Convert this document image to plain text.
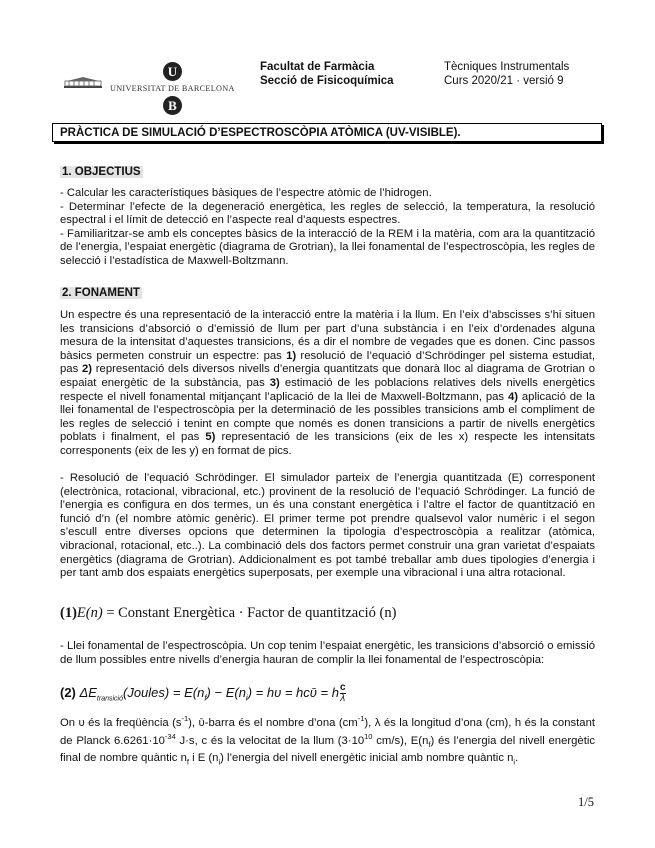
U
UNIVERSITAT DE BARCELONA
B
Facultat de Farmàcia
Secció de Fisicoquímica
Tècniques Instrumentals
Curs 2020/21 · versió 9
PRÀCTICA DE SIMULACIÓ D’ESPECTROSCÒPIA ATÒMICA (UV-VISIBLE).
1. OBJECTIUS

- Calcular les característiques bàsiques de l’espectre atòmic de l’hidrogen.

- Determinar l’efecte de la degeneració energètica, les regles de selecció, la temperatura, la resolució espectral i el límit de detecció en l’aspecte real d’aquests espectres.

- Familiaritzar-se amb els conceptes bàsics de la interacció de la REM i la matèria, com ara la quantització de l’energia, l’espaiat energètic (diagrama de Grotrian), la llei fonamental de l’espectroscòpia, les regles de selecció i l’estadística de Maxwell-Boltzmann.

2. FONAMENT

Un espectre és una representació de la interacció entre la matèria i la llum. En l’eix d’abscisses s’hi situen les transicions d’absorció o d’emissió de llum per part d’una substància i en l’eix d’ordenades alguna mesura de la intensitat d’aquestes transicions, és a dir el nombre de vegades que es donen. Cinc passos bàsics permeten construir un espectre: pas 1) resolució de l’equació d’Schrödinger pel sistema estudiat, pas 2) representació dels diversos nivells d’energia quantitzats que donarà lloc al diagrama de Grotrian o espaiat energètic de la substància, pas 3) estimació de les poblacions relatives dels nivells energètics respecte el nivell fonamental mitjançant l’aplicació de la llei de Maxwell-Boltzmann, pas 4) aplicació de la llei fonamental de l’espectroscòpia per la determinació de les possibles transicions amb el compliment de les regles de selecció i tenint en compte que només es donen transicions a partir de nivells energètics poblats i finalment, el pas 5) representació de les transicions (eix de les x) respecte les intensitats corresponents (eix de les y) en format de pics.

- Resolució de l’equació Schrödinger. El simulador parteix de l’energia quantitzada (E) corresponent (electrònica, rotacional, vibracional, etc.) provinent de la resolució de l’equació Schrödinger. La funció de l’energia es configura en dos termes, un és una constant energètica i l’altre el factor de quantització en funció d’n (el nombre atòmic genèric). El primer terme pot prendre qualsevol valor numèric i el segon s’escull entre diverses opcions que determinen la tipologia d’espectroscòpia a realitzar (atòmica, vibracional, rotacional, etc..). La combinació dels dos factors permet construir una gran varietat d’espaiats energètics (diagrama de Grotrian). Addicionalment es pot també treballar amb dues tipologies d’energia i per tant amb dos espaiats energètics superposats, per exemple una vibracional i una altra rotacional.

(1)E(n) = Constant Energètica · Factor de quantització (n)

- Llei fonamental de l’espectroscòpia. Un cop tenim l’espaiat energètic, les transicions d’absorció o emissió de llum possibles entre nivells d’energia hauran de complir la llei fonamental de l’espectroscòpia:

(2) $\Delta E_{transició}(Joules) = E(n_f) - E(n_i) = h\upsilon$ = hcῡ = h $\frac{c}{\lambda}$

On υ és la freqüència $(s^{-1})$, ῡ-barra és el nombre d’ona $(cm^{-1})$, λ és la longitud d’ona (cm), h és la constant de Planck $6.6261\cdot 10^{-34}$ J·s, c és la velocitat de la llum ($3\cdot 10^{10}$ cm/s), $E(n_f)$ és l’energia del nivell energètic final de nombre quàntic $n_f$ i E $(n_i)$ l’energia del nivell energètic inicial amb nombre quàntic $n_i$.

1/5
